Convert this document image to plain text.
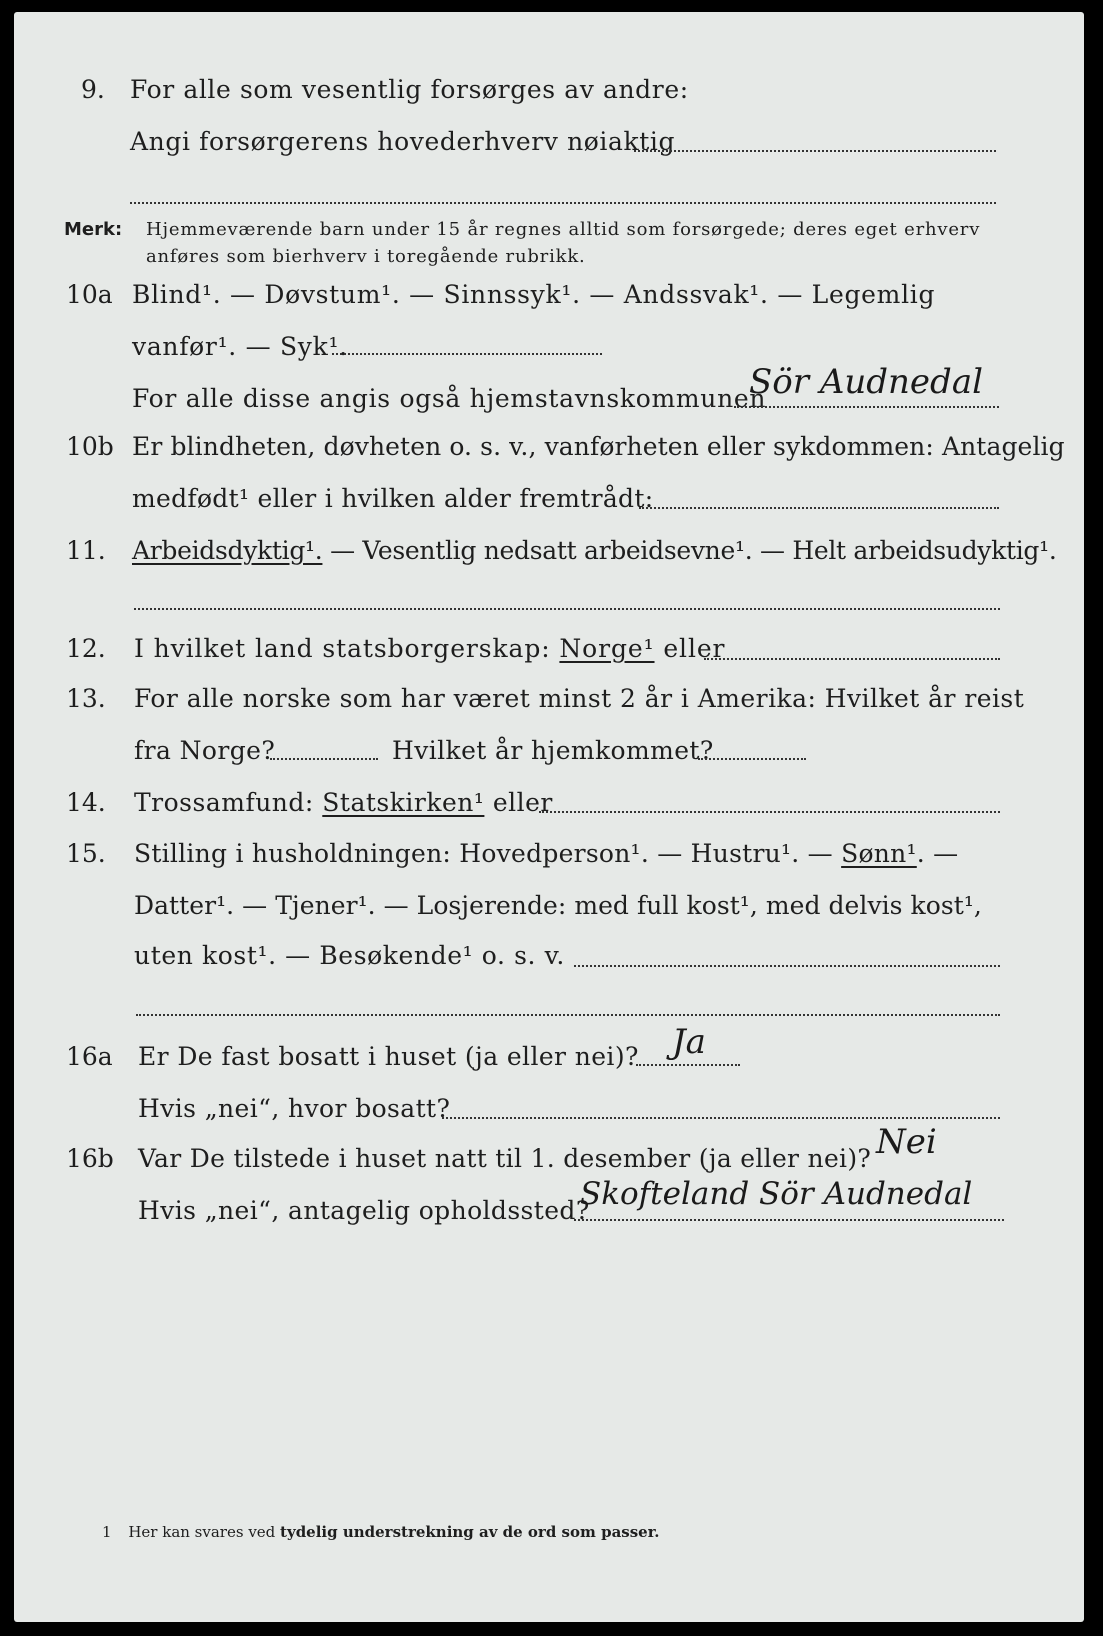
9. For alle som vesentlig forsørges av andre:
Angi forsørgerens hovederhverv nøiaktig
Merk: Hjemmeværende barn under 15 år regnes alltid som forsørgede; deres eget erhverv
anføres som bierhverv i toregående rubrikk.
10a Blind¹. — Døvstum¹. — Sinnssyk¹. — Andssvak¹. — Legemlig
vanfør¹. — Syk¹.
For alle disse angis også hjemstavnskommunen
Sör Audnedal
10b Er blindheten, døvheten o. s. v., vanførheten eller sykdommen: Antagelig
medfødt¹ eller i hvilken alder fremtrådt:
11. Arbeidsdyktig¹. — Vesentlig nedsatt arbeidsevne¹. — Helt arbeidsudyktig¹.
12. I hvilket land statsborgerskap: Norge¹ eller
13. For alle norske som har været minst 2 år i Amerika: Hvilket år reist
fra Norge?	Hvilket år hjemkommet?
14. Trossamfund: Statskirken¹ eller
15. Stilling i husholdningen: Hovedperson¹. — Hustru¹. — Sønn¹. —
Datter¹. — Tjener¹. — Losjerende: med full kost¹, med delvis kost¹,
uten kost¹. — Besøkende¹ o. s. v.
16a Er De fast bosatt i huset (ja eller nei)? Ja
Hvis „nei“, hvor bosatt?
16b Var De tilstede i huset natt til 1. desember (ja eller nei)? Nei
Hvis „nei“, antagelig opholdssted?
Skofteland Sör Audnedal
1 Her kan svares ved tydelig understrekning av de ord som passer.
